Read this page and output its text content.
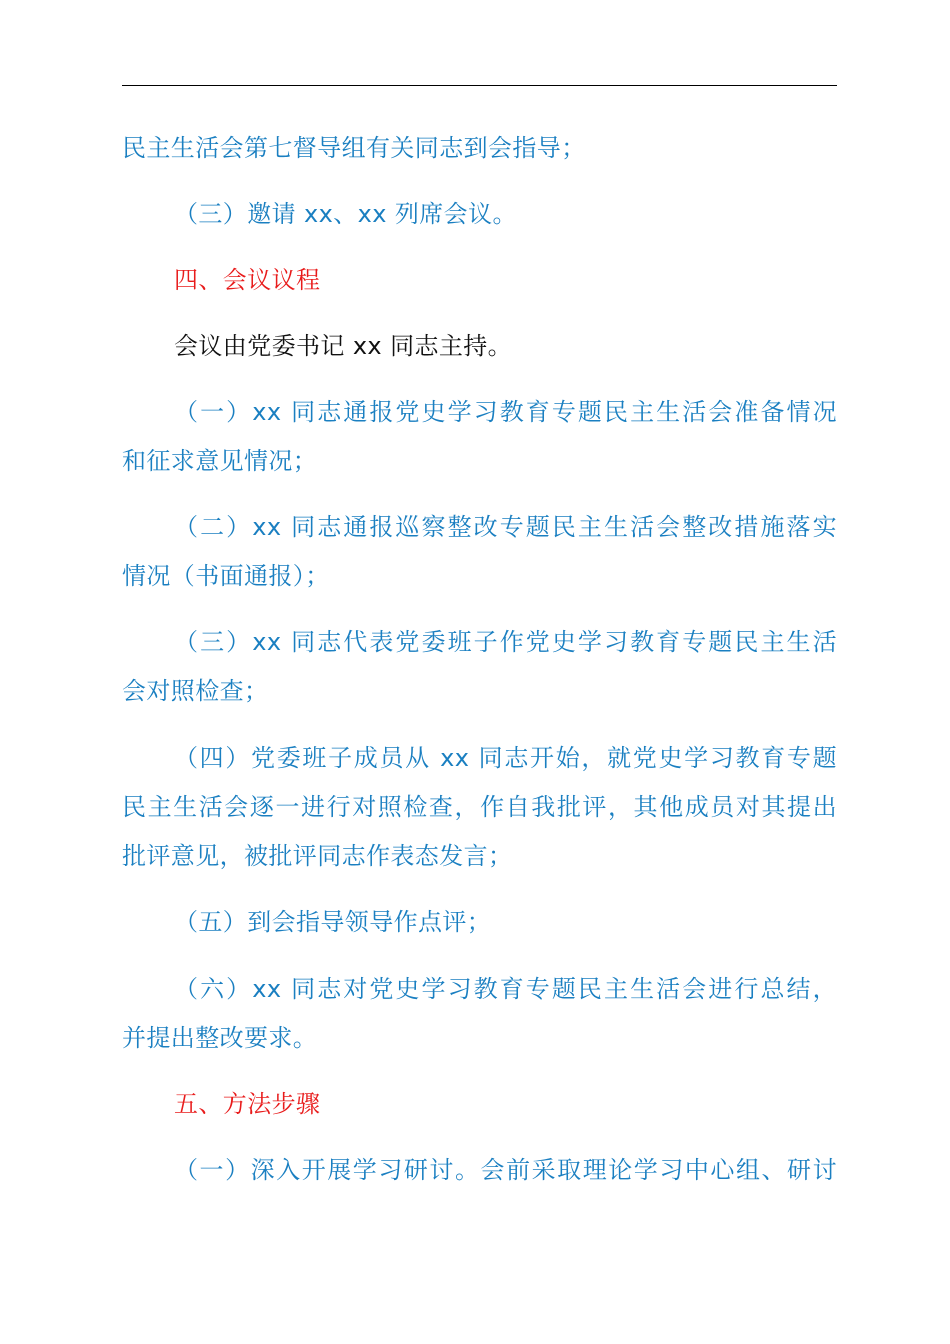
民主生活会第七督导组有关同志到会指导；
（三）邀请 xx、xx 列席会议。
四、会议议程
会议由党委书记 xx 同志主持。
（一）xx 同志通报党史学习教育专题民主生活会准备情况
和征求意见情况；
（二）xx 同志通报巡察整改专题民主生活会整改措施落实
情况（书面通报）；
（三）xx 同志代表党委班子作党史学习教育专题民主生活
会对照检查；
（四）党委班子成员从 xx 同志开始，就党史学习教育专题
民主生活会逐一进行对照检查，作自我批评，其他成员对其提出
批评意见，被批评同志作表态发言；
（五）到会指导领导作点评；
（六）xx 同志对党史学习教育专题民主生活会进行总结，
并提出整改要求。
五、方法步骤
（一）深入开展学习研讨。会前采取理论学习中心组、研讨
